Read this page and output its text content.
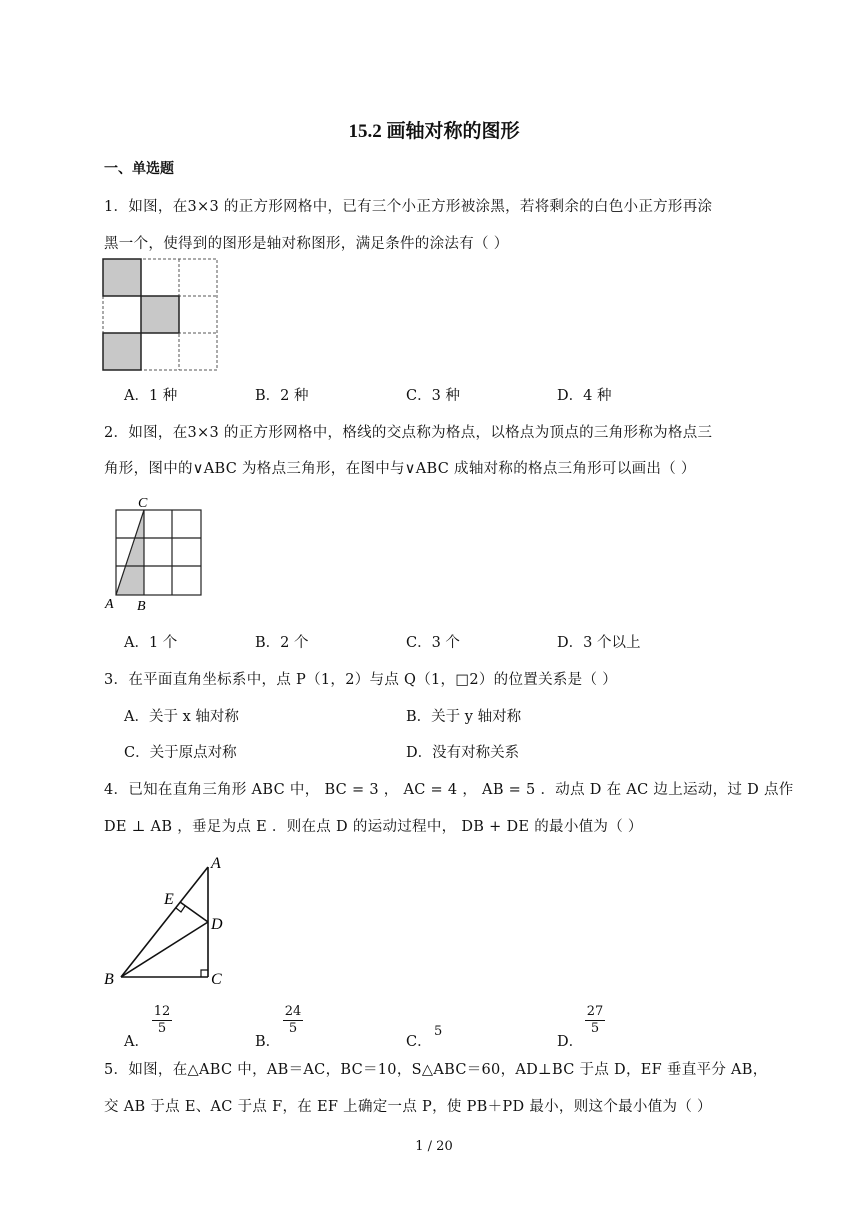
15.2 画轴对称的图形
一、单选题
1．如图，在3×3 的正方形网格中，已有三个小正方形被涂黑，若将剩余的白色小正方形再涂
黑一个，使得到的图形是轴对称图形，满足条件的涂法有（ ）
A．1 种	B．2 种	C．3 种	D．4 种
2．如图，在3×3 的正方形网格中，格线的交点称为格点，以格点为顶点的三角形称为格点三
角形，图中的∨ABC 为格点三角形，在图中与∨ABC 成轴对称的格点三角形可以画出（ ）
C
A B
A．1 个	B．2 个	C．3 个	D．3 个以上
3．在平面直角坐标系中，点 P（1，2）与点 Q（1，□2）的位置关系是（ ）
A．关于 x 轴对称	B．关于 y 轴对称
C．关于原点对称	D．没有对称关系
4．已知在直角三角形 ABC 中， BC = 3 ， AC = 4 ， AB = 5 ．动点 D 在 AC 边上运动，过 D 点作
DE ⊥ AB ，垂足为点 E ．则在点 D 的运动过程中， DB + DE 的最小值为（ ）
A
E
D
B	C
A．
$\frac{12}{5}$
B．
$\frac{24}{5}$
C．
5
D．
$\frac{27}{5}$
5．如图，在△ABC 中，AB＝AC，BC＝10，S△ABC＝60，AD⊥BC 于点 D，EF 垂直平分 AB，
交 AB 于点 E、AC 于点 F，在 EF 上确定一点 P，使 PB＋PD 最小，则这个最小值为（ ）
1 / 20
